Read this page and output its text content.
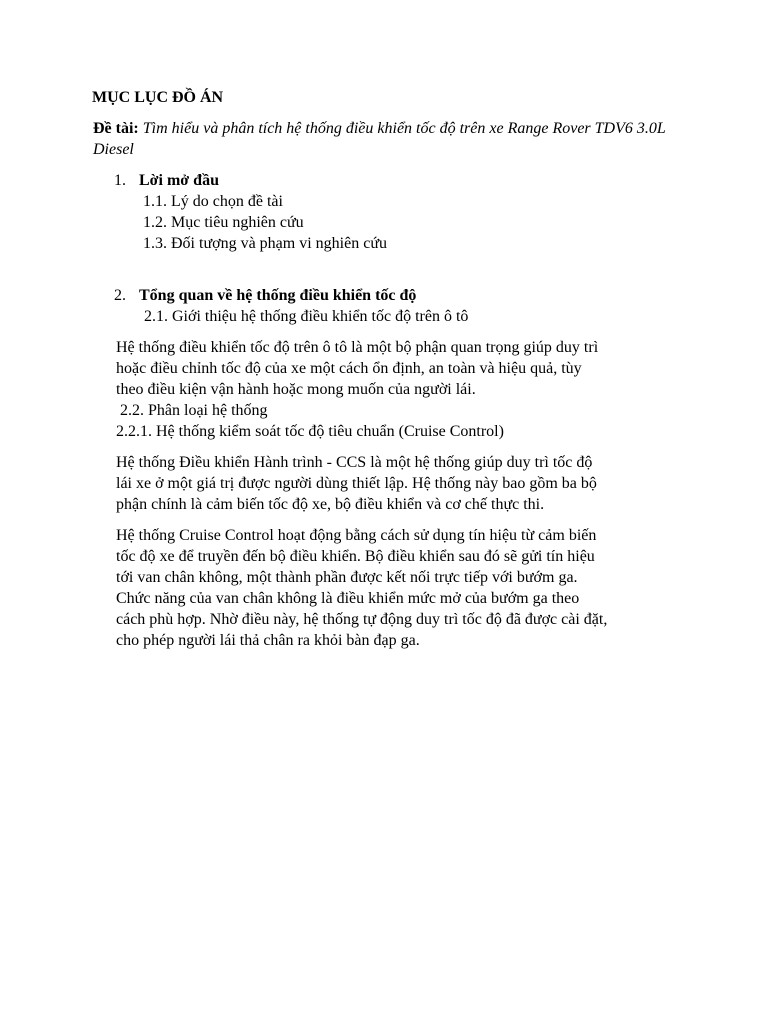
MỤC LỤC ĐỒ ÁN
Đề tài: Tìm hiểu và phân tích hệ thống điều khiển tốc độ trên xe Range Rover TDV6 3.0L Diesel
1. Lời mở đầu
1.1. Lý do chọn đề tài
1.2. Mục tiêu nghiên cứu
1.3. Đối tượng và phạm vi nghiên cứu
2. Tổng quan về hệ thống điều khiển tốc độ
2.1. Giới thiệu hệ thống điều khiển tốc độ trên ô tô
Hệ thống điều khiển tốc độ trên ô tô là một bộ phận quan trọng giúp duy trì
hoặc điều chỉnh tốc độ của xe một cách ổn định, an toàn và hiệu quả, tùy
theo điều kiện vận hành hoặc mong muốn của người lái.
2.2. Phân loại hệ thống
2.2.1. Hệ thống kiểm soát tốc độ tiêu chuẩn (Cruise Control)
Hệ thống Điều khiển Hành trình - CCS là một hệ thống giúp duy trì tốc độ
lái xe ở một giá trị được người dùng thiết lập. Hệ thống này bao gồm ba bộ
phận chính là cảm biến tốc độ xe, bộ điều khiển và cơ chế thực thi.
Hệ thống Cruise Control hoạt động bằng cách sử dụng tín hiệu từ cảm biến
tốc độ xe để truyền đến bộ điều khiển. Bộ điều khiển sau đó sẽ gửi tín hiệu
tới van chân không, một thành phần được kết nối trực tiếp với bướm ga.
Chức năng của van chân không là điều khiển mức mở của bướm ga theo
cách phù hợp. Nhờ điều này, hệ thống tự động duy trì tốc độ đã được cài đặt,
cho phép người lái thả chân ra khỏi bàn đạp ga.
